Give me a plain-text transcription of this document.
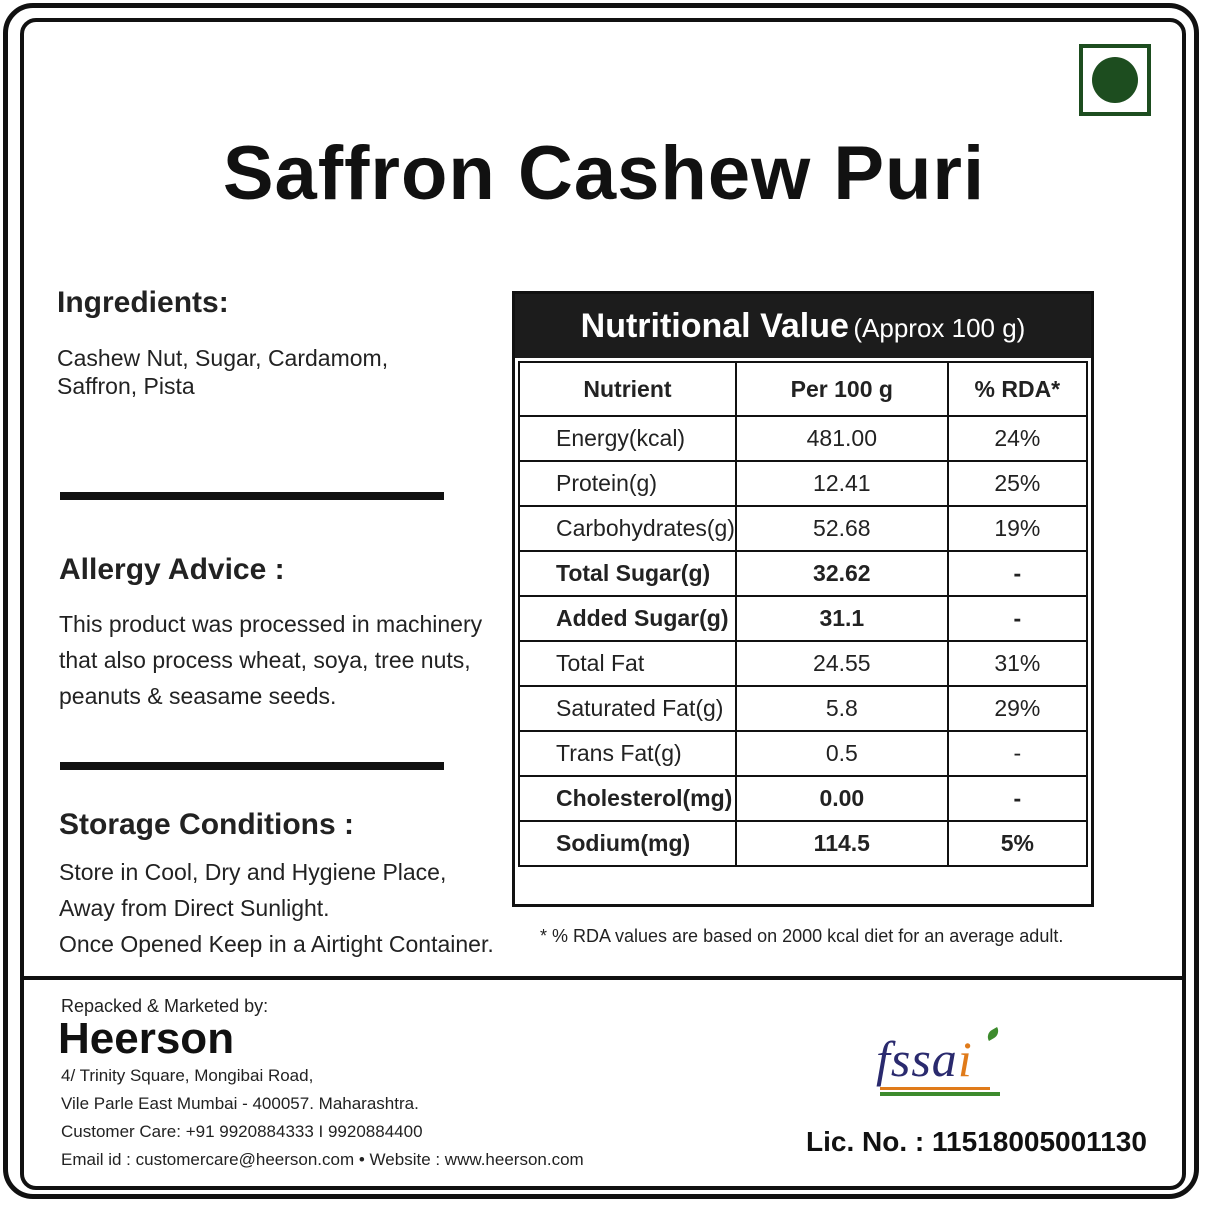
Saffron Cashew Puri
Ingredients:
Cashew Nut, Sugar, Cardamom,
Saffron, Pista
Allergy Advice :
This product was processed in machinery
that also process wheat, soya, tree nuts,
peanuts & seasame seeds.
Storage Conditions :
Store in Cool, Dry and Hygiene Place,
Away from Direct Sunlight.
Once Opened Keep in a Airtight Container.
Nutritional Value (Approx 100 g)
Nutrient	Per 100 g	% RDA*
Energy(kcal)	481.00	24%
Protein(g)	12.41	25%
Carbohydrates(g)	52.68	19%
Total Sugar(g)	32.62	-
Added Sugar(g)	31.1	-
Total Fat	24.55	31%
Saturated Fat(g)	5.8	29%
Trans Fat(g)	0.5	-
Cholesterol(mg)	0.00	-
Sodium(mg)	114.5	5%
* % RDA values are based on 2000 kcal diet for an average adult.
Repacked & Marketed by:
Heerson
4/ Trinity Square, Mongibai Road,
Vile Parle East Mumbai - 400057. Maharashtra.
Customer Care: +91 9920884333 I 9920884400
Email id : customercare@heerson.com • Website : www.heerson.com
fssai
Lic. No. : 11518005001130
